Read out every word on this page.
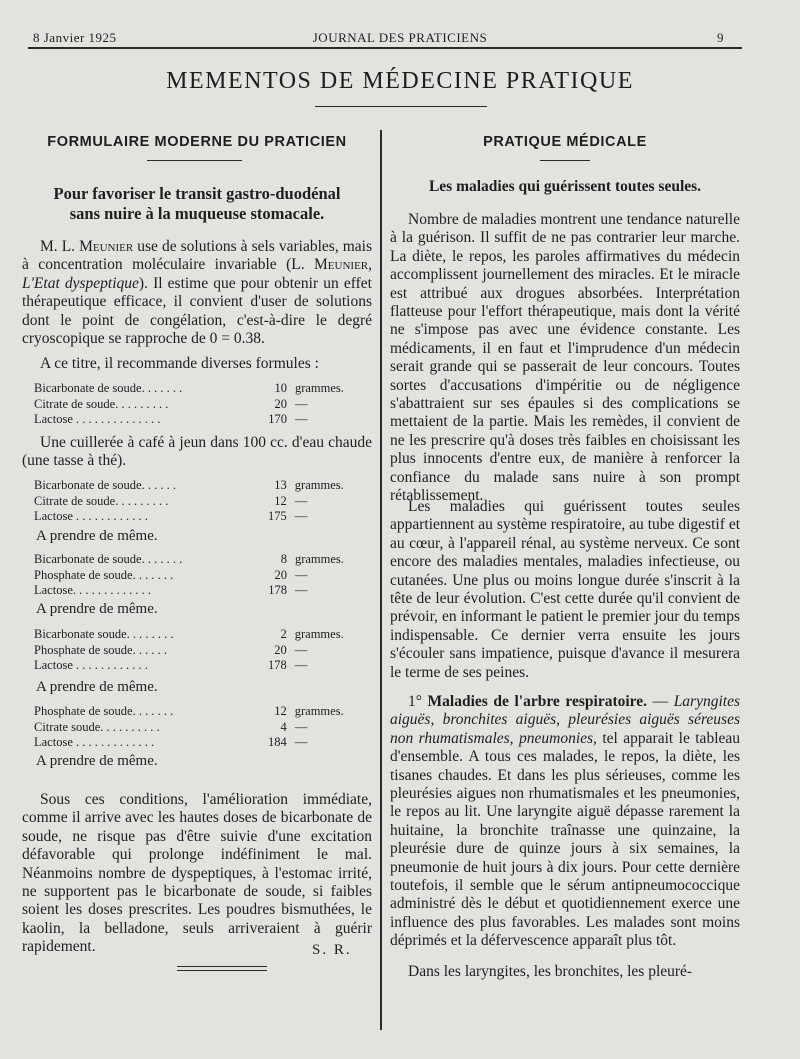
8 Janvier 1925	JOURNAL DES PRATICIENS	9
MEMENTOS DE MÉDECINE PRATIQUE
FORMULAIRE MODERNE DU PRATICIEN
Pour favoriser le transit gastro-duodénal
sans nuire à la muqueuse stomacale.

M. L. Meunier use de solutions à sels variables, mais à concentration moléculaire invariable (L. Meunier, L'Etat dyspeptique). Il estime que pour obtenir un effet thérapeutique efficace, il convient d'user de solutions dont le point de congélation, c'est-à-dire le degré cryoscopique se rapproche de 0 = 0.38.

A ce titre, il recommande diverses formules :

Bicarbonate de soude. . . . . . .	10	grammes.
Citrate de soude. . . . . . . . .	20	—
Lactose . . . . . . . . . . . . . .	170	—

Une cuillerée à café à jeun dans 100 cc. d'eau chaude (une tasse à thé).

Bicarbonate de soude. . . . . .	13	grammes.
Citrate de soude. . . . . . . . .	12	—
Lactose . . . . . . . . . . . .	175	—
A prendre de même.
Bicarbonate de soude. . . . . . .	8	grammes.
Phosphate de soude. . . . . . .	20	—
Lactose. . . . . . . . . . . . .	178	—
A prendre de même.
Bicarbonate soude. . . . . . . .	2	grammes.
Phosphate de soude. . . . . .	20	—
Lactose . . . . . . . . . . . .	178	—
A prendre de même.
Phosphate de soude. . . . . . .	12	grammes.
Citrate soude. . . . . . . . . .	4	—
Lactose . . . . . . . . . . . . .	184	—
A prendre de même.

Sous ces conditions, l'amélioration immédiate, comme il arrive avec les hautes doses de bicarbonate de soude, ne risque pas d'être suivie d'une excitation défavorable qui prolonge indéfiniment le mal. Néanmoins nombre de dyspeptiques, à l'estomac irrité, ne supportent pas le bicarbonate de soude, si faibles soient les doses prescrites. Les poudres bismuthées, le kaolin, la belladone, seuls arriveraient à guérir rapidement.	S. R.
PRATIQUE MÉDICALE
Les maladies qui guérissent toutes seules.

Nombre de maladies montrent une tendance naturelle à la guérison. Il suffit de ne pas contrarier leur marche. La diète, le repos, les paroles affirmatives du médecin accomplissent journellement des miracles. Et le miracle est attribué aux drogues absorbées. Interprétation flatteuse pour l'effort thérapeutique, mais dont la vérité ne s'impose pas avec une évidence constante. Les médicaments, il en faut et l'imprudence d'un médecin serait grande qui se passerait de leur concours. Toutes sortes d'accusations d'impéritie ou de négligence s'abattraient sur ses épaules si des complications se mettaient de la partie. Mais les remèdes, il convient de ne les prescrire qu'à doses très faibles en choisissant les plus innocents d'entre eux, de manière à renforcer la confiance du malade sans nuire à son prompt rétablissement.

Les maladies qui guérissent toutes seules appartiennent au système respiratoire, au tube digestif et au cœur, à l'appareil rénal, au système nerveux. Ce sont encore des maladies mentales, maladies infectieuse, ou cutanées. Une plus ou moins longue durée s'inscrit à la tête de leur évolution. C'est cette durée qu'il convient de prévoir, en informant le patient le premier jour du temps indispensable. Ce dernier verra ensuite les jours s'écouler sans impatience, puisque d'avance il mesurera le terme de ses peines.

1° Maladies de l'arbre respiratoire. — Laryngites aiguës, bronchites aiguës, pleurésies aiguës séreuses non rhumatismales, pneumonies, tel apparait le tableau d'ensemble. A tous ces malades, le repos, la diète, les tisanes chaudes. Et dans les plus sérieuses, comme les pleurésies aigues non rhumatismales et les pneumonies, le repos au lit. Une laryngite aiguë dépasse rarement la huitaine, la bronchite traînasse une quinzaine, la pleurésie dure de quinze jours à six semaines, la pneumonie de huit jours à dix jours. Pour cette dernière toutefois, il semble que le sérum antipneumococcique administré dès le début et quotidiennement exerce une influence des plus favorables. Les malades sont moins déprimés et la défervescence apparaît plus tôt.

Dans les laryngites, les bronchites, les pleuré-
